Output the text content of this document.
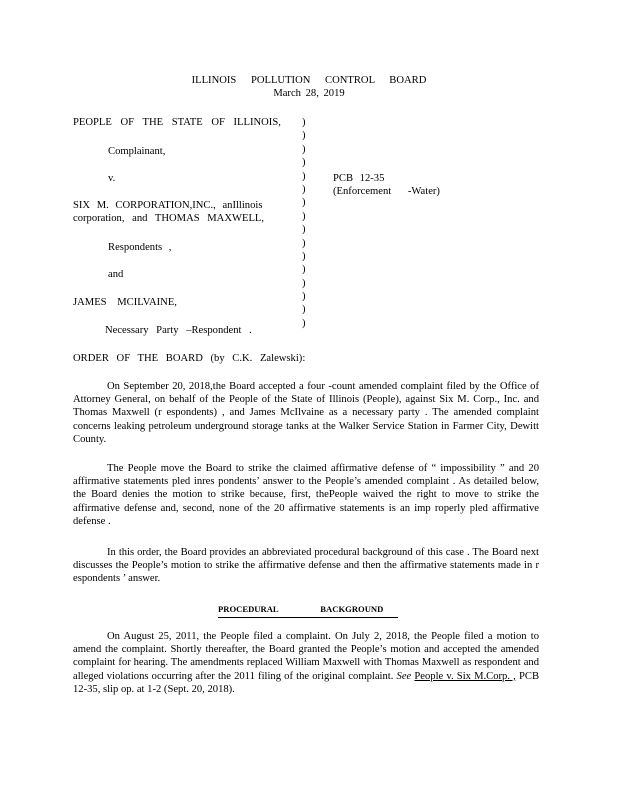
ILLINOIS POLLUTION CONTROL BOARD
March 28, 2019
PEOPLE OF THE STATE OF ILLINOIS,
Complainant,
v.
SIX M. CORPORATION,INC., anIllinois
corporation, and THOMAS MAXWELL,
Respondents ,
and
JAMES MCILVAINE,
Necessary Party –Respondent .
)
)
)
)
)
)
)
)
)
)
)
)
)
)
)
)
PCB 12-35
(Enforcement -Water)
ORDER OF THE BOARD (by C.K. Zalewski):
On September 20, 2018,the Board accepted a four -count amended complaint filed by the Office of Attorney General, on behalf of the People of the State of Illinois (People), against Six M. Corp., Inc. and Thomas Maxwell (r espondents) , and James McIlvaine as a necessary party . The amended complaint concerns leaking petroleum underground storage tanks at the Walker Service Station in Farmer City, Dewitt County.
The People move the Board to strike the claimed affirmative defense of “ impossibility ” and 20 affirmative statements pled inres pondents’ answer to the People’s amended complaint . As detailed below, the Board denies the motion to strike because, first, thePeople waived the right to move to strike the affirmative defense and, second, none of the 20 affirmative statements is an imp roperly pled affirmative defense .
In this order, the Board provides an abbreviated procedural background of this case . The Board next discusses the People’s motion to strike the affirmative defense and then the affirmative statements made in r espondents ’ answer.
PROCEDURAL BACKGROUND
On August 25, 2011, the People filed a complaint. On July 2, 2018, the People filed a motion to amend the complaint. Shortly thereafter, the Board granted the People’s motion and accepted the amended complaint for hearing. The amendments replaced William Maxwell with Thomas Maxwell as respondent and alleged violations occurring after the 2011 filing of the original complaint. See People v. Six M.Corp. , PCB 12-35, slip op. at 1-2 (Sept. 20, 2018).
